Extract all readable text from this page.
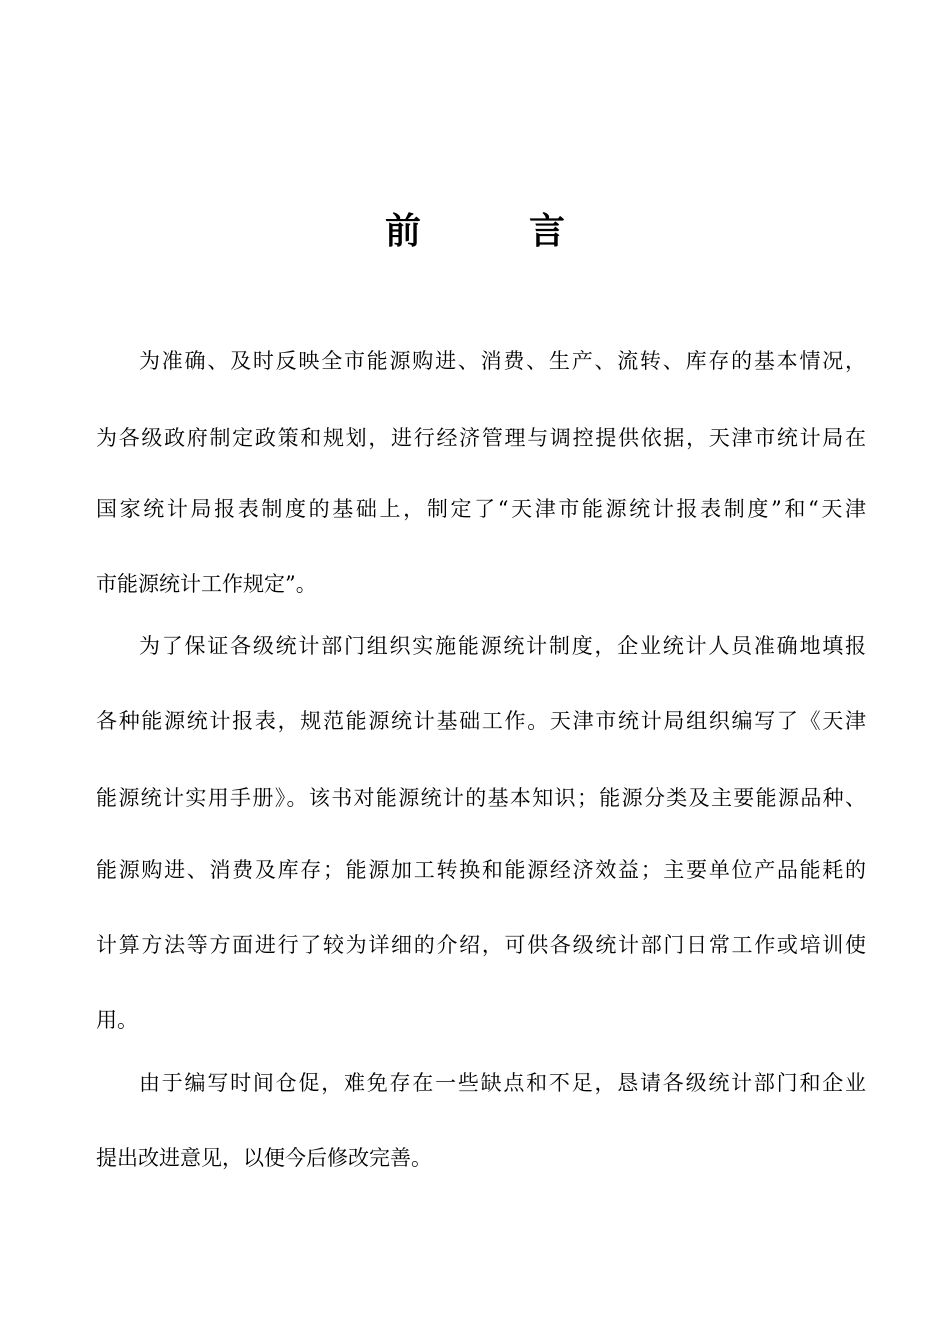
前　言
为准确、及时反映全市能源购进、消费、生产、流转、库存的基本情况，
为各级政府制定政策和规划，进行经济管理与调控提供依据，天津市统计局在
国家统计局报表制度的基础上，制定了“天津市能源统计报表制度”和“天津
市能源统计工作规定”。
为了保证各级统计部门组织实施能源统计制度，企业统计人员准确地填报
各种能源统计报表，规范能源统计基础工作。天津市统计局组织编写了《天津
能源统计实用手册》。该书对能源统计的基本知识；能源分类及主要能源品种、
能源购进、消费及库存；能源加工转换和能源经济效益；主要单位产品能耗的
计算方法等方面进行了较为详细的介绍，可供各级统计部门日常工作或培训使
用。
由于编写时间仓促，难免存在一些缺点和不足，恳请各级统计部门和企业
提出改进意见，以便今后修改完善。
